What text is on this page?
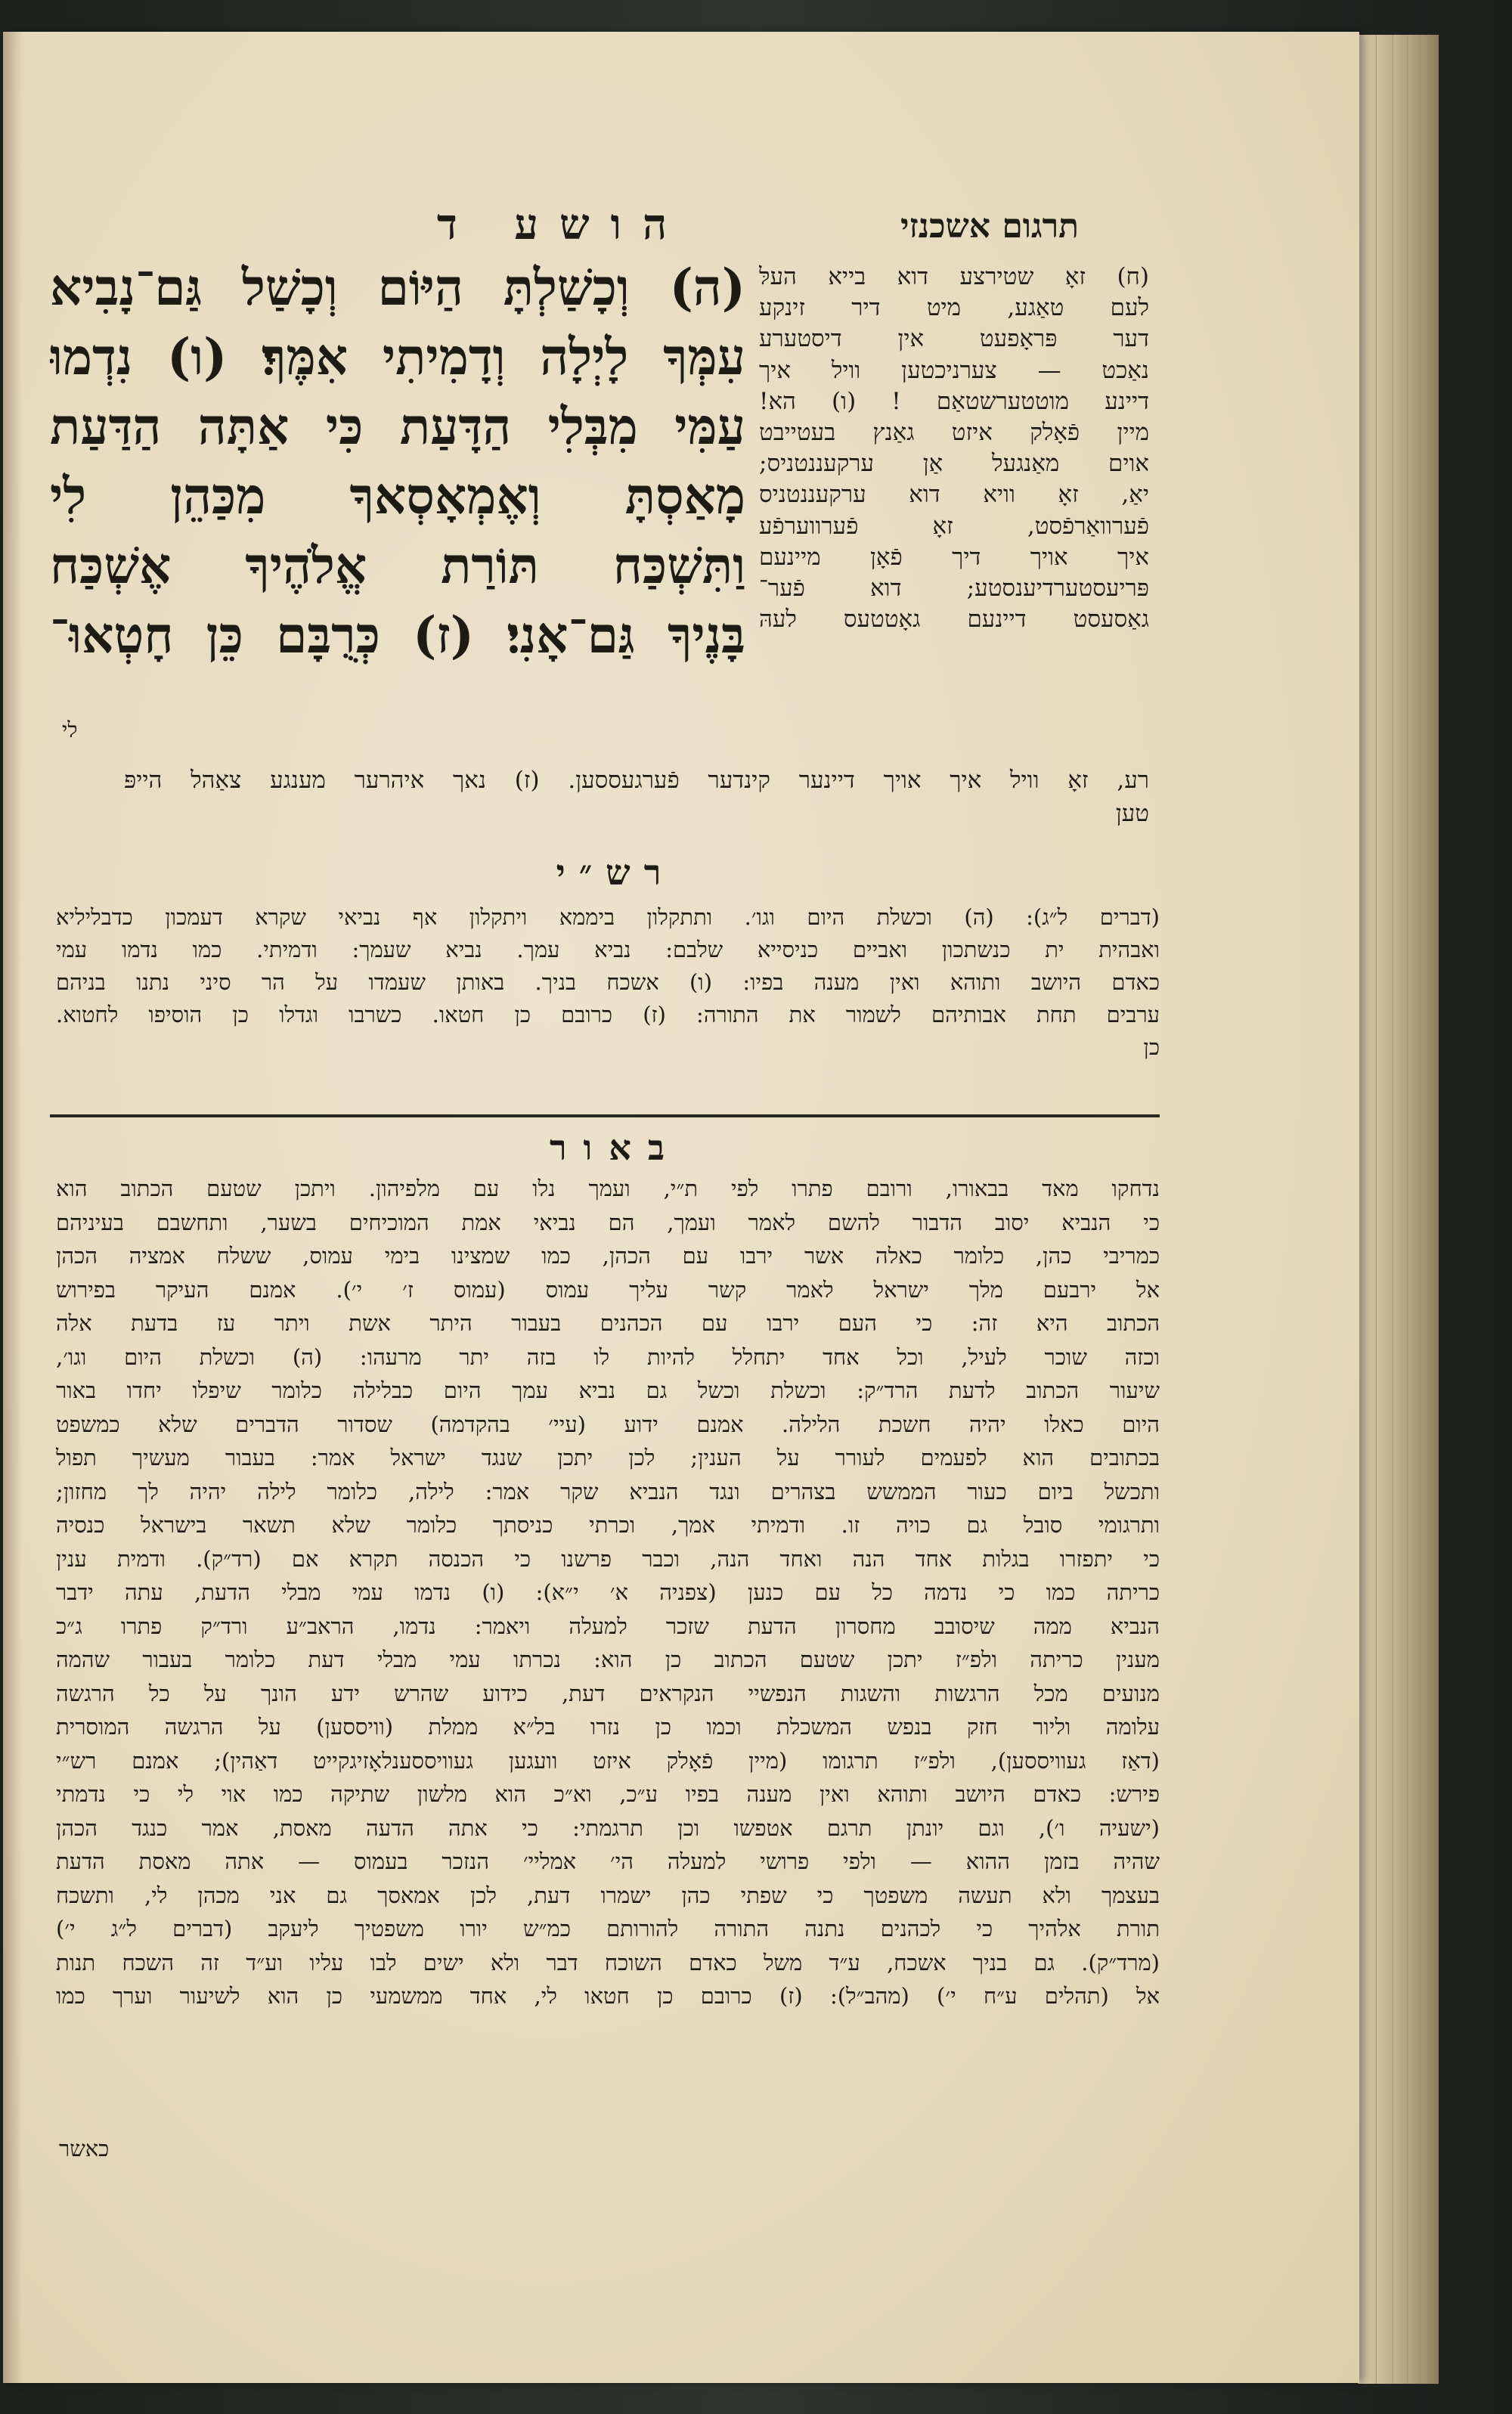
תרגום אשכנזי
הושע ד
(ה) וְכָשַׁלְתָּ הַיּוֹם וְכָשַׁל גַּם־נָבִיא
עִמְּךָ לָיְלָה וְדָמִיתִי אִמֶּךָ׃ (ו) נִדְמוּ
עַמִּי מִבְּלִי הַדָּעַת כִּי אַתָּה הַדַּעַת
מָאַסְתָּ וְאֶמְאָסְאךָ מִכַּהֵן לִי
וַתִּשְׁכַּח תּוֹרַת אֱלֹהֶיךָ אֶשְׁכַּח
בָּנֶיךָ גַּם־אָנִי׃ (ז) כְּרֻבָּם כֵּן חָטְאוּ־
לי
(ח) זאָ שטירצע דוא בייא העלּ
לעם טאַגע, מיט דיר זינקע
דער פּראָפעט אין דיסטערע
נאַכט — צערניכטען וויל איך
דיינע מוטטערשטאַם ! (ו) הא!
מיין פֿאָלק איזט גאַנץ בעטייבט
אוים מאַנגעל אַן ערקעננטניס;
יאַ, זאָ וויא דוא ערקעננטניס
פֿערוואַרפֿסט, זאָ פֿערווערפֿע
איך אויך דיך פֿאָן מיינעם
פּריעסטערדיענסטע; דוא פֿער־
גאַסעסט דיינעם גאָטטעס לעהּ
רע, זאָ וויל איך אויך דיינער קינדער פֿערגעססען. (ז) נאך איהרער מענגע צאַהל הייפּ
טען
רש״י
(דברים ל״ג): (ה) וכשלת היום וגו׳. ותתקלון ביממא ויתקלון אף נביאי שקרא דעמכון כדבליליא
ואבהית ית כנשתכון ואביים כניסייא שלבם: נביא עמך. נביא שעמך: ודמיתי. כמו נדמו עמי
כאדם היושב ותוהא ואין מענה בפיו: (ו) אשכח בניך. באותן שעמדו על הר סיני נתנו בניהם
ערבים תחת אבותיהם לשמור את התורה: (ז) כרובם כן חטאו. כשרבו וגדלו כן הוסיפו לחטוא.
כן
באור
נדחקו מאד בבאורו, ורובם פתרו לפי ת״י, ועמך נלו עם מלפיהון. ויתכן שטעם הכתוב הוא
כי הנביא יסוב הדבור להשם לאמר ועמך, הם נביאי אמת המוכיחים בשער, ותחשבם בעיניהם
כמריבי כהן, כלומר כאלה אשר ירבו עם הכהן, כמו שמצינו בימי עמוס, ששלח אמציה הכהן
אל ירבעם מלך ישראל לאמר קשר עליך עמוס (עמוס ז׳ י׳). אמנם העיקר בפירוש
הכתוב היא זה: כי העם ירבו עם הכהנים בעבור היתר אשת ויתר עז בדעת אלה
וכזה שוכר לעיל, וכל אחד יתחלל להיות לו בזה יתר מרעהו: (ה) וכשלת היום וגו׳,
שיעור הכתוב לדעת הרד״ק: וכשלת וכשל גם נביא עמך היום כבלילה כלומר שיפלו יחדו באור
היום כאלו יהיה חשכת הלילה. אמנם ידוע (עיי׳ בהקדמה) שסדור הדברים שלא כמשפט
בכתובים הוא לפעמים לעורר על הענין; לכן יתכן שנגד ישראל אמר: בעבור מעשיך תפול
ותכשל ביום כעור הממשש בצהרים ונגד הנביא שקר אמר: לילה, כלומר לילה יהיה לך מחזון;
ותרגומי סובל גם כויה זו. ודמיתי אמך, וכרתי כניסתך כלומר שלא תשאר בישראל כנסיה
כי יתפזרו בגלות אחד הנה ואחד הנה, וכבר פרשנו כי הכנסה תקרא אם (רד״ק). ודמית ענין
כריתה כמו כי נדמה כל עם כנען (צפניה א׳ י״א): (ו) נדמו עמי מבלי הדעת, עתה ידבר
הנביא ממה שיסובב מחסרון הדעת שזכר למעלה ויאמר: נדמו, הראב״ע ורד״ק פתרו ג״כ
מענין כריתה ולפ״ז יתכן שטעם הכתוב כן הוא: נכרתו עמי מבלי דעת כלומר בעבור שהמה
מנועים מכל הרגשות והשגות הנפשיי הנקראים דעת, כידוע שהרש ידע הונך על כל הרגשה
עלומה וליור חזק בנפש המשכלת וכמו כן נזרו בל״א ממלת (וויססען) על הרגשה המוסרית
(דאַז געוויססען), ולפ״ז תרגומו (מיין פֿאָלק איזט וועגען געוויססענלאָזיגקייט דאַהין); אמנם רש״י
פירש: כאדם היושב ותוהא ואין מענה בפיו ע״כ, וא״כ הוא מלשון שתיקה כמו אוי לי כי נדמתי
(ישעיה ו׳), וגם יונתן תרגם אטפשו וכן תרגמתי: כי אתה הדעה מאסת, אמר כנגד הכהן
שהיה בזמן ההוא — ולפי פרושי למעלה הי׳ אמליי׳ הנזכר בעמוס — אתה מאסת הדעת
בעצמך ולא תעשה משפטך כי שפתי כהן ישמרו דעת, לכן אמאסך גם אני מכהן לי, ותשכח
תורת אלהיך כי לכהנים נתנה התורה להורותם כמ״ש יורו משפטיך ליעקב (דברים ל״ג י׳)
(מרד״ק). גם בניך אשכח, ע״ד משל כאדם השוכח דבר ולא ישים לבו עליו וע״ד זה השכח תנות
אל (תהלים ע״ח י׳) (מהב״ל): (ז) כרובם כן חטאו לי, אחד ממשמעי כן הוא לשיעור וערך כמו
כאשר
